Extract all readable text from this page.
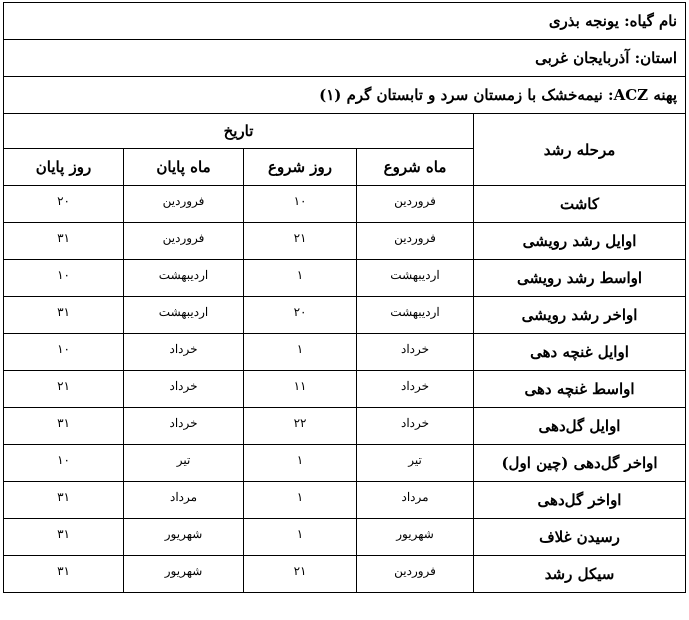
نام گیاه: یونجه بذری				
استان: آذربایجان غربی				
پهنه ACZ: نیمه‌خشک با زمستان سرد و تابستان گرم (۱)				
مرحله رشد	تاریخ			
	ماه شروع	روز شروع	ماه پایان	روز پایان
کاشت	فروردین	۱۰	فروردین	۲۰
اوایل رشد رویشی	فروردین	۲۱	فروردین	۳۱
اواسط رشد رویشی	اردیبهشت	۱	اردیبهشت	۱۰
اواخر رشد رویشی	اردیبهشت	۲۰	اردیبهشت	۳۱
اوایل غنچه دهی	خرداد	۱	خرداد	۱۰
اواسط غنچه دهی	خرداد	۱۱	خرداد	۲۱
اوایل گل‌دهی	خرداد	۲۲	خرداد	۳۱
اواخر گل‌دهی (چین اول)	تیر	۱	تیر	۱۰
اواخر گل‌دهی	مرداد	۱	مرداد	۳۱
رسیدن غلاف	شهریور	۱	شهریور	۳۱
سیکل رشد	فروردین	۲۱	شهریور	۳۱
